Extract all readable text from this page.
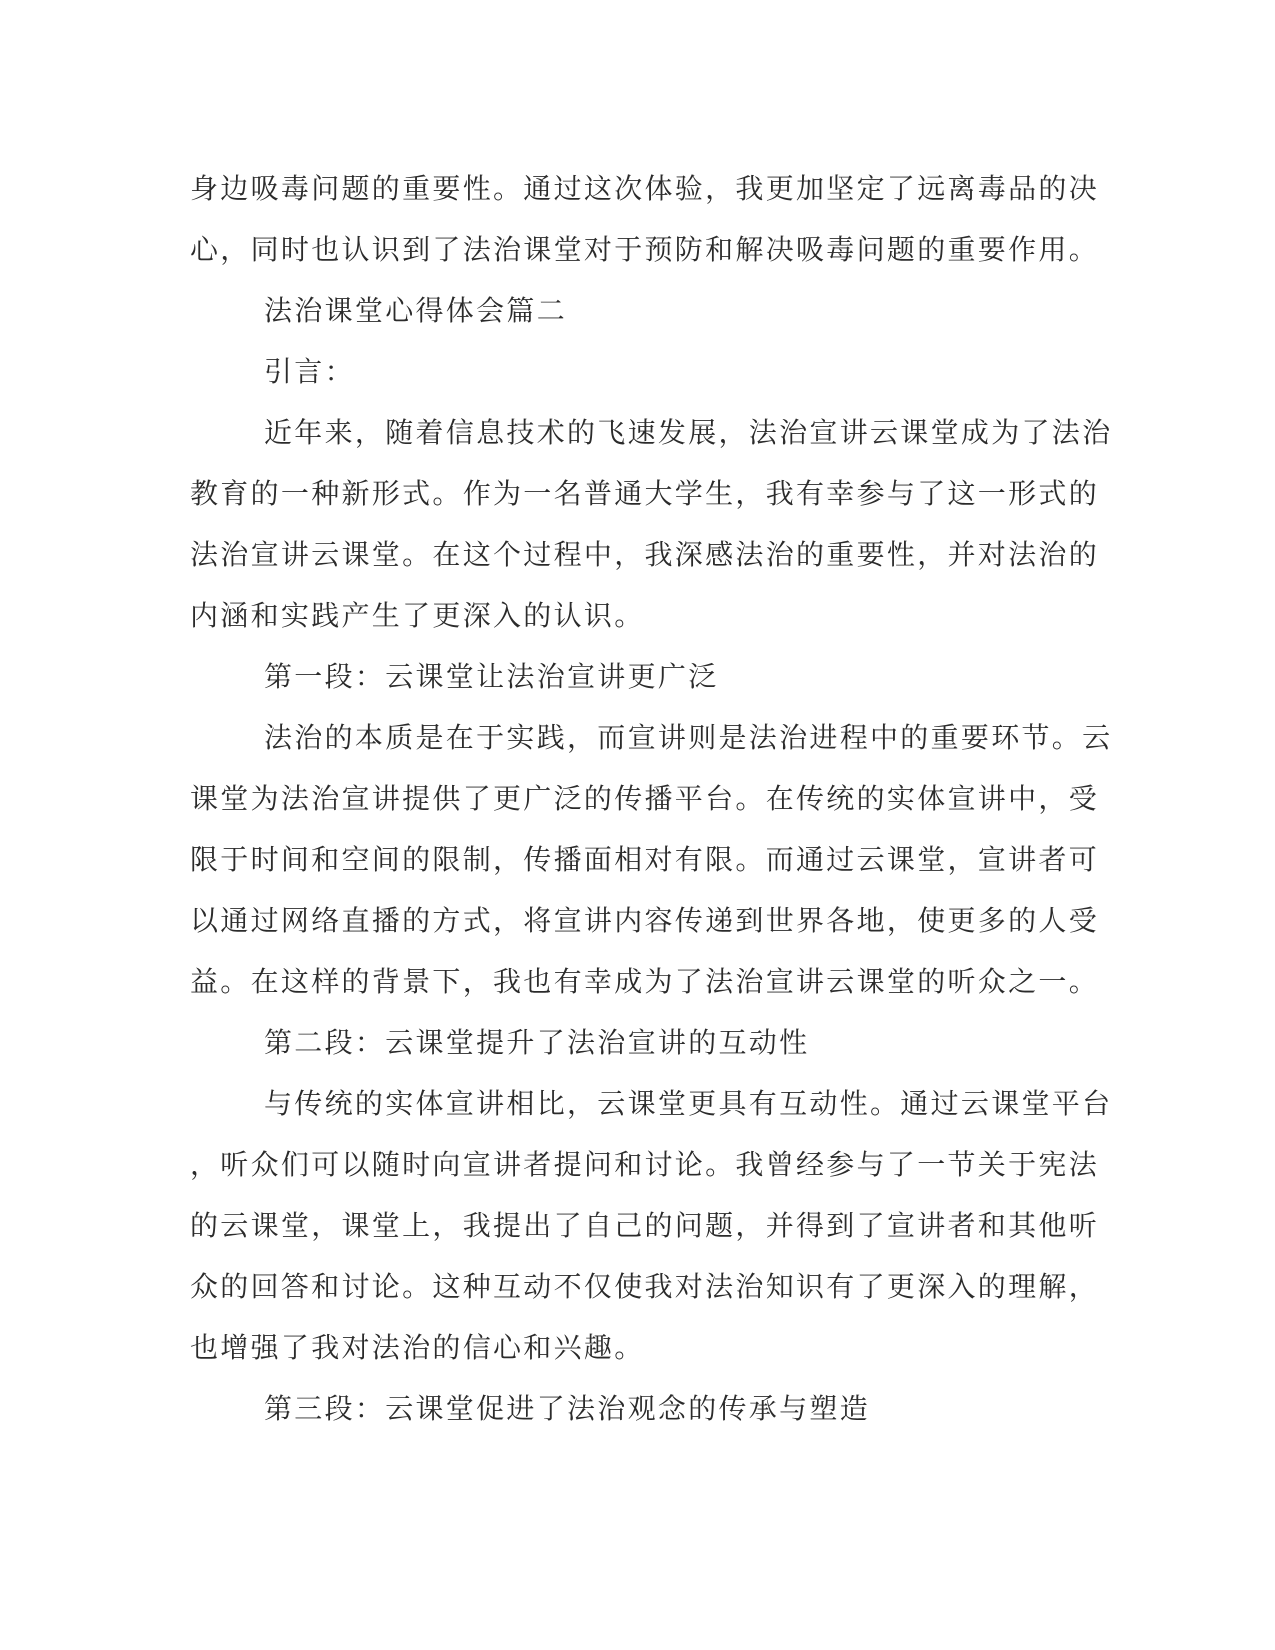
身边吸毒问题的重要性。通过这次体验，我更加坚定了远离毒品的决

心，同时也认识到了法治课堂对于预防和解决吸毒问题的重要作用。

法治课堂心得体会篇二

引言：

近年来，随着信息技术的飞速发展，法治宣讲云课堂成为了法治

教育的一种新形式。作为一名普通大学生，我有幸参与了这一形式的

法治宣讲云课堂。在这个过程中，我深感法治的重要性，并对法治的

内涵和实践产生了更深入的认识。

第一段：云课堂让法治宣讲更广泛

法治的本质是在于实践，而宣讲则是法治进程中的重要环节。云

课堂为法治宣讲提供了更广泛的传播平台。在传统的实体宣讲中，受

限于时间和空间的限制，传播面相对有限。而通过云课堂，宣讲者可

以通过网络直播的方式，将宣讲内容传递到世界各地，使更多的人受

益。在这样的背景下，我也有幸成为了法治宣讲云课堂的听众之一。

第二段：云课堂提升了法治宣讲的互动性

与传统的实体宣讲相比，云课堂更具有互动性。通过云课堂平台

，听众们可以随时向宣讲者提问和讨论。我曾经参与了一节关于宪法

的云课堂，课堂上，我提出了自己的问题，并得到了宣讲者和其他听

众的回答和讨论。这种互动不仅使我对法治知识有了更深入的理解，

也增强了我对法治的信心和兴趣。

第三段：云课堂促进了法治观念的传承与塑造
